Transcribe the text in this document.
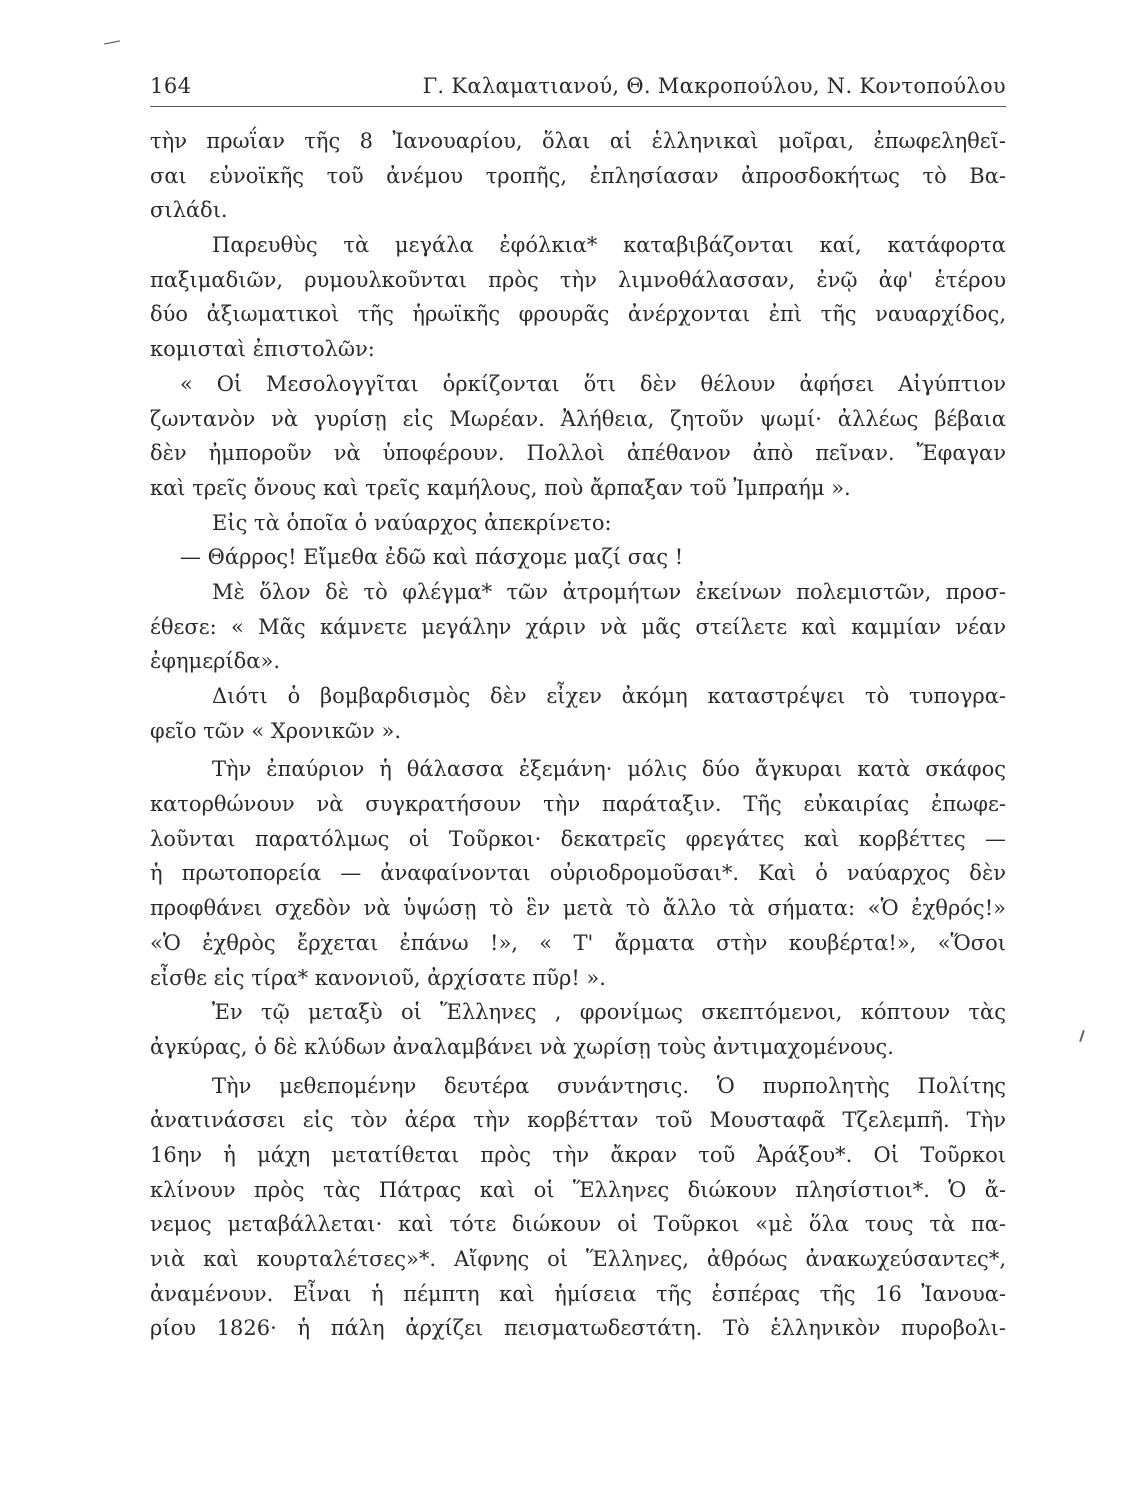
164	Γ. Καλαματιανού, Θ. Μακροπούλου, Ν. Κοντοπούλου
τὴν πρωΐαν τῆς 8 Ἰανουαρίου, ὅλαι αἱ ἑλληνικαὶ μοῖραι, ἐπωφεληθεῖ-
σαι εὐνοϊκῆς τοῦ ἀνέμου τροπῆς, ἐπλησίασαν ἀπροσδοκήτως τὸ Βα-
σιλάδι.
Παρευθὺς τὰ μεγάλα ἐφόλκια* καταβιβάζονται καί, κατάφορτα
παξιμαδιῶν, ρυμουλκοῦνται πρὸς τὴν λιμνοθάλασσαν, ἐνῷ ἀφ' ἑτέρου
δύο ἀξιωματικοὶ τῆς ἡρωϊκῆς φρουρᾶς ἀνέρχονται ἐπὶ τῆς ναυαρχίδος,
κομισταὶ ἐπιστολῶν:
« Οἱ Μεσολογγῖται ὁρκίζονται ὅτι δὲν θέλουν ἀφήσει Αἰγύπτιον
ζωντανὸν νὰ γυρίσῃ εἰς Μωρέαν. Ἀλήθεια, ζητοῦν ψωμί· ἀλλέως βέβαια
δὲν ἠμποροῦν νὰ ὑποφέρουν. Πολλοὶ ἀπέθανον ἀπὸ πεῖναν. Ἔφαγαν
καὶ τρεῖς ὄνους καὶ τρεῖς καμήλους, ποὺ ἄρπαξαν τοῦ Ἰμπραήμ ».
Εἰς τὰ ὁποῖα ὁ ναύαρχος ἀπεκρίνετο:
— Θάρρος! Εἴμεθα ἐδῶ καὶ πάσχομε μαζί σας !
Μὲ ὅλον δὲ τὸ φλέγμα* τῶν ἀτρομήτων ἐκείνων πολεμιστῶν, προσ-
έθεσε: « Μᾶς κάμνετε μεγάλην χάριν νὰ μᾶς στείλετε καὶ καμμίαν νέαν
ἐφημερίδα».
Διότι ὁ βομβαρδισμὸς δὲν εἶχεν ἀκόμη καταστρέψει τὸ τυπογρα-
φεῖο τῶν « Χρονικῶν ».
Τὴν ἐπαύριον ἡ θάλασσα ἐξεμάνη· μόλις δύο ἄγκυραι κατὰ σκάφος
κατορθώνουν νὰ συγκρατήσουν τὴν παράταξιν. Τῆς εὐκαιρίας ἐπωφε-
λοῦνται παρατόλμως οἱ Τοῦρκοι· δεκατρεῖς φρεγάτες καὶ κορβέττες —
ἡ πρωτοπορεία — ἀναφαίνονται οὐριοδρομοῦσαι*. Καὶ ὁ ναύαρχος δὲν
προφθάνει σχεδὸν νὰ ὑψώσῃ τὸ ἓν μετὰ τὸ ἄλλο τὰ σήματα: «Ὁ ἐχθρός!»
«Ὁ ἐχθρὸς ἔρχεται ἐπάνω !», « Τ' ἄρματα στὴν κουβέρτα!», «Ὅσοι
εἶσθε εἰς τίρα* κανονιοῦ, ἀρχίσατε πῦρ! ».
Ἐν τῷ μεταξὺ οἱ Ἕλληνες , φρονίμως σκεπτόμενοι, κόπτουν τὰς
ἀγκύρας, ὁ δὲ κλύδων ἀναλαμβάνει νὰ χωρίσῃ τοὺς ἀντιμαχομένους.
Τὴν μεθεπομένην δευτέρα συνάντησις. Ὁ πυρπολητὴς Πολίτης
ἀνατινάσσει εἰς τὸν ἀέρα τὴν κορβέτταν τοῦ Μουσταφᾶ Τζελεμπῆ. Τὴν
16ην ἡ μάχη μετατίθεται πρὸς τὴν ἄκραν τοῦ Ἀράξου*. Οἱ Τοῦρκοι
κλίνουν πρὸς τὰς Πάτρας καὶ οἱ Ἕλληνες διώκουν πλησίστιοι*. Ὁ ἄ-
νεμος μεταβάλλεται· καὶ τότε διώκουν οἱ Τοῦρκοι «μὲ ὅλα τους τὰ πα-
νιὰ καὶ κουρταλέτσες»*. Αἴφνης οἱ Ἕλληνες, ἀθρόως ἀνακωχεύσαντες*,
ἀναμένουν. Εἶναι ἡ πέμπτη καὶ ἡμίσεια τῆς ἑσπέρας τῆς 16 Ἰανουα-
ρίου 1826· ἡ πάλη ἀρχίζει πεισματωδεστάτη. Τὸ ἑλληνικὸν πυροβολι-
